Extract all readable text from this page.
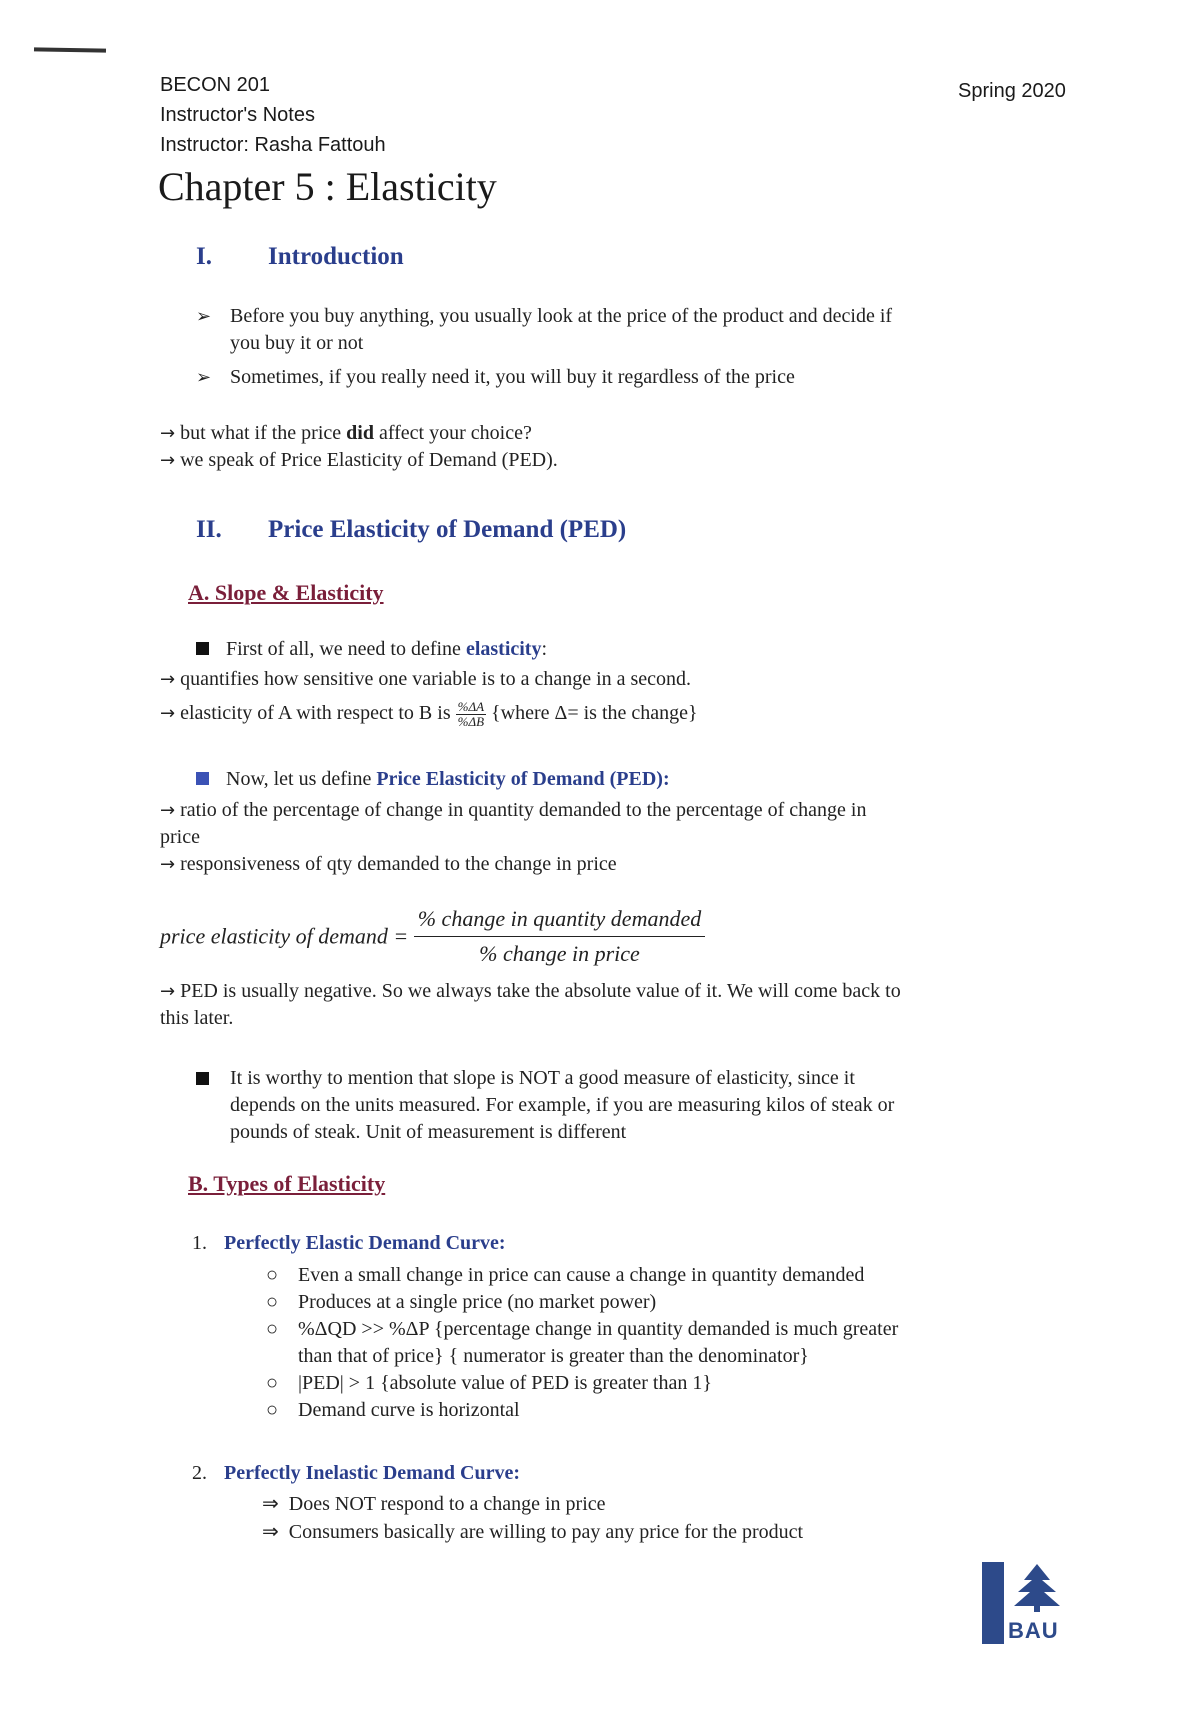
BECON 201
Instructor's Notes
Instructor: Rasha Fattouh
Spring 2020
Chapter 5 : Elasticity
I. Introduction
➢ Before you buy anything, you usually look at the price of the product and decide if
you buy it or not
➢ Sometimes, if you really need it, you will buy it regardless of the price
→ but what if the price did affect your choice?
→ we speak of Price Elasticity of Demand (PED).
II. Price Elasticity of Demand (PED)
A. Slope & Elasticity
First of all, we need to define elasticity:
→ quantifies how sensitive one variable is to a change in a second.
→ elasticity of A with respect to B is $\frac{\%\Delta A}{\%\Delta B}$ {where Δ= is the change}
Now, let us define Price Elasticity of Demand (PED):
→ ratio of the percentage of change in quantity demanded to the percentage of change in
price
→ responsiveness of qty demanded to the change in price
price elasticity of demand = $\frac{\text{\% change in quantity demanded}}{\text{\% change in price}}$
→ PED is usually negative. So we always take the absolute value of it. We will come back to
this later.
It is worthy to mention that slope is NOT a good measure of elasticity, since it
depends on the units measured. For example, if you are measuring kilos of steak or
pounds of steak. Unit of measurement is different
B. Types of Elasticity
1. Perfectly Elastic Demand Curve:
○ Even a small change in price can cause a change in quantity demanded
○ Produces at a single price (no market power)
○ %ΔQD >> %ΔP {percentage change in quantity demanded is much greater
than that of price} { numerator is greater than the denominator}
○ |PED| > 1 {absolute value of PED is greater than 1}
○ Demand curve is horizontal
2. Perfectly Inelastic Demand Curve:
⇒ Does NOT respond to a change in price
⇒ Consumers basically are willing to pay any price for the product
BAU
